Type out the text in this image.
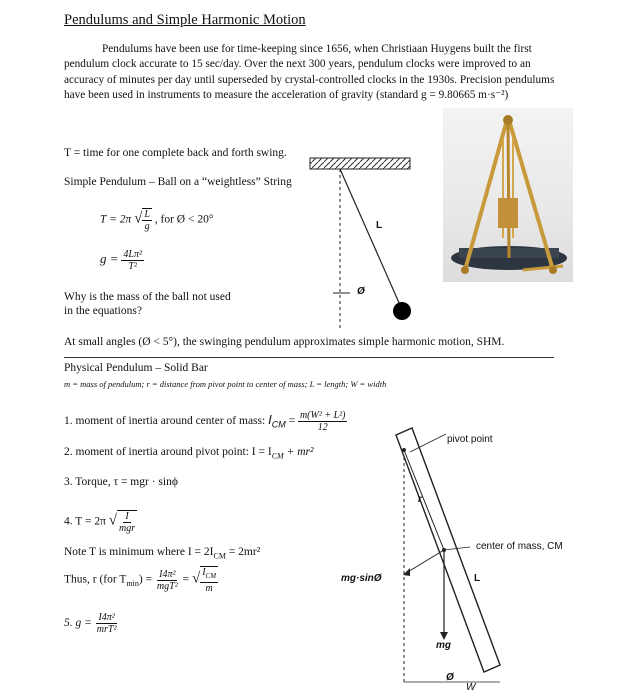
Pendulums and Simple Harmonic Motion
Pendulums have been use for time-keeping since 1656, when Christiaan Huygens built the first pendulum clock accurate to 15 sec/day. Over the next 300 years, pendulum clocks were improved to an accuracy of minutes per day until superseded by crystal-controlled clocks in the 1930s. Precision pendulums have been used in instruments to measure the acceleration of gravity (standard g = 9.80665 m·s⁻²)
T = time for one complete back and forth swing.
Simple Pendulum – Ball on a “weightless” String
T = 2π √ $\frac{L}{g}$ , for Ø < 20°
$g = \frac{\text{4Lπ²}}{\text{T²}}$
Why is the mass of the ball not used
in the equations?
L
Ø
At small angles (Ø < 5°), the swinging pendulum approximates simple harmonic motion, SHM.
Physical Pendulum – Solid Bar
m = mass of pendulum; r = distance from pivot point to center of mass; L = length; W = width
1. moment of inertia around center of mass: $I_{CM} = \frac{\text{m(W² + L²)}}{12}$
2. moment of inertia around pivot point: $I = I_{CM} + mr^2$
3. Torque, τ = mgr · sinϕ
4. T = 2π √ $\frac{I}{\text{mgr}}$
Note T is minimum where $I = 2I_{CM} = 2mr^2$
Thus, r (for $T_{min}) = \frac{\text{I4π²}}{\text{mgT²}}$ = √ $\frac{I_{CM}}{m}$
5. $g = \frac{\text{I4π²}}{\text{mrT²}}$
pivot point
center of mass, CM
r
L
mg
mg·sinØ
Ø
W
